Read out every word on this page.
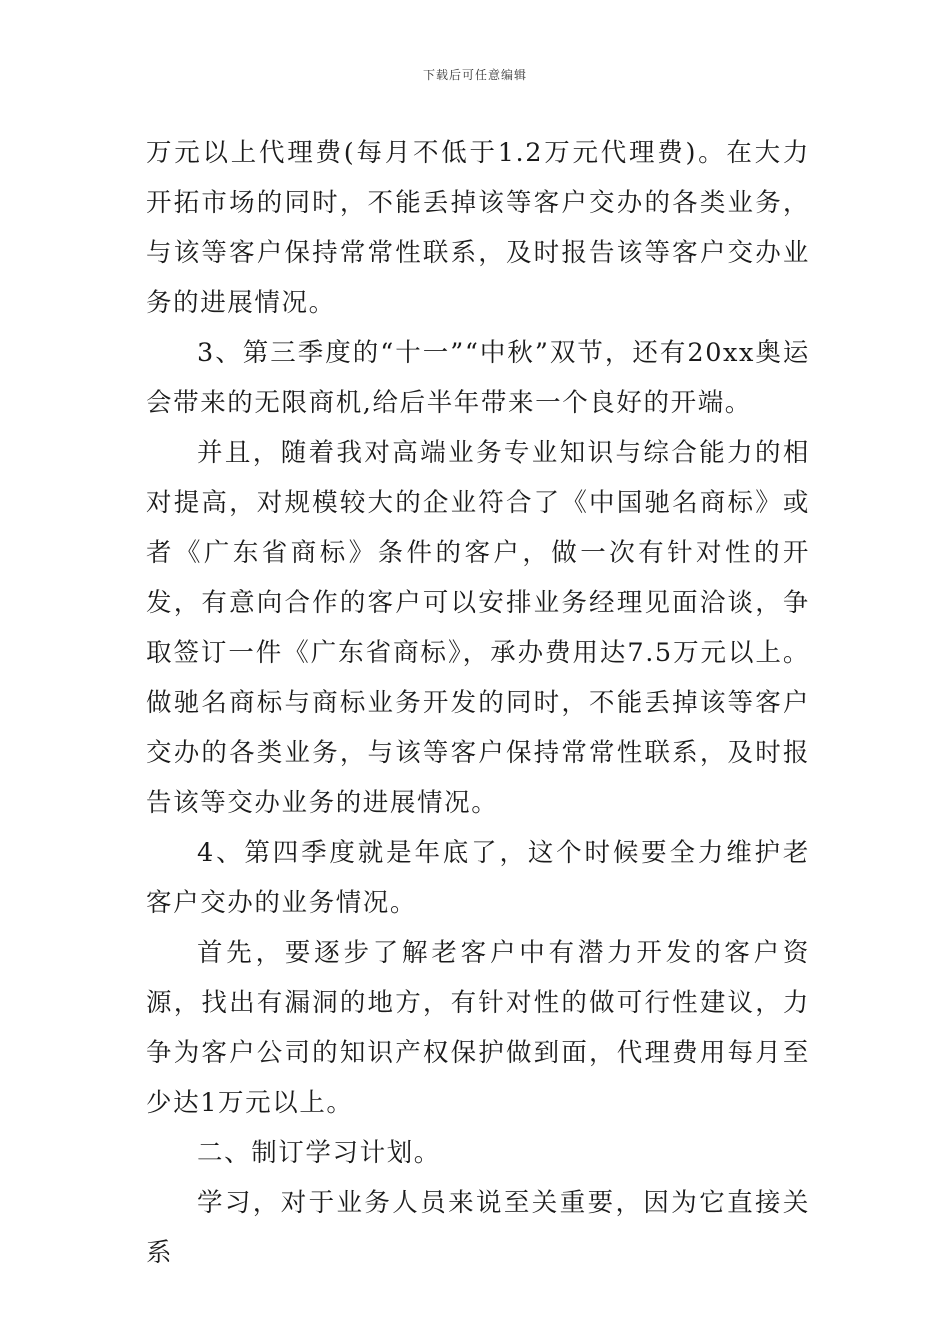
下载后可任意编辑

万元以上代理费(每月不低于1.2万元代理费)。在大力开拓市场的同时，不能丢掉该等客户交办的各类业务，与该等客户保持常常性联系，及时报告该等客户交办业务的进展情况。

3、第三季度的“十一”“中秋”双节，还有20xx奥运会带来的无限商机,给后半年带来一个良好的开端。

并且，随着我对高端业务专业知识与综合能力的相对提高，对规模较大的企业符合了《中国驰名商标》或者《广东省商标》条件的客户，做一次有针对性的开发，有意向合作的客户可以安排业务经理见面洽谈，争取签订一件《广东省商标》，承办费用达7.5万元以上。做驰名商标与商标业务开发的同时，不能丢掉该等客户交办的各类业务，与该等客户保持常常性联系，及时报告该等交办业务的进展情况。

4、第四季度就是年底了，这个时候要全力维护老客户交办的业务情况。

首先，要逐步了解老客户中有潜力开发的客户资源，找出有漏洞的地方，有针对性的做可行性建议，力争为客户公司的知识产权保护做到面，代理费用每月至少达1万元以上。

二、制订学习计划。

学习，对于业务人员来说至关重要，因为它直接关系
